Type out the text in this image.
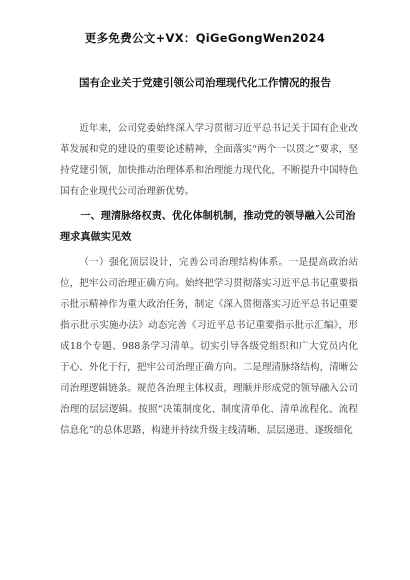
更多免费公文+VX：QiGeGongWen2024
国有企业关于党建引领公司治理现代化工作情况的报告

近年来，公司党委始终深入学习贯彻习近平总书记关于国有企业改革发展和党的建设的重要论述精神，全面落实“两个一以贯之”要求，坚持党建引领，加快推动治理体系和治理能力现代化，不断提升中国特色国有企业现代公司治理新优势。

一、理清脉络权责、优化体制机制，推动党的领导融入公司治理求真做实见效

（一）强化顶层设计，完善公司治理结构体系。一是提高政治站位，把牢公司治理正确方向。始终把学习贯彻落实习近平总书记重要指示批示精神作为重大政治任务，制定《深入贯彻落实习近平总书记重要指示批示实施办法》动态完善《习近平总书记重要指示批示汇编》，形成18个专题、988条学习清单。切实引导各级党组织和广大党员内化于心、外化于行，把牢公司治理正确方向。二是理清脉络结构，清晰公司治理逻辑链条。规范各治理主体权责，理顺并形成党的领导融入公司治理的层层逻辑。按照“决策制度化、制度清单化、清单流程化、流程信息化”的总体思路，构建并持续升级主线清晰、层层递进、逐级细化
